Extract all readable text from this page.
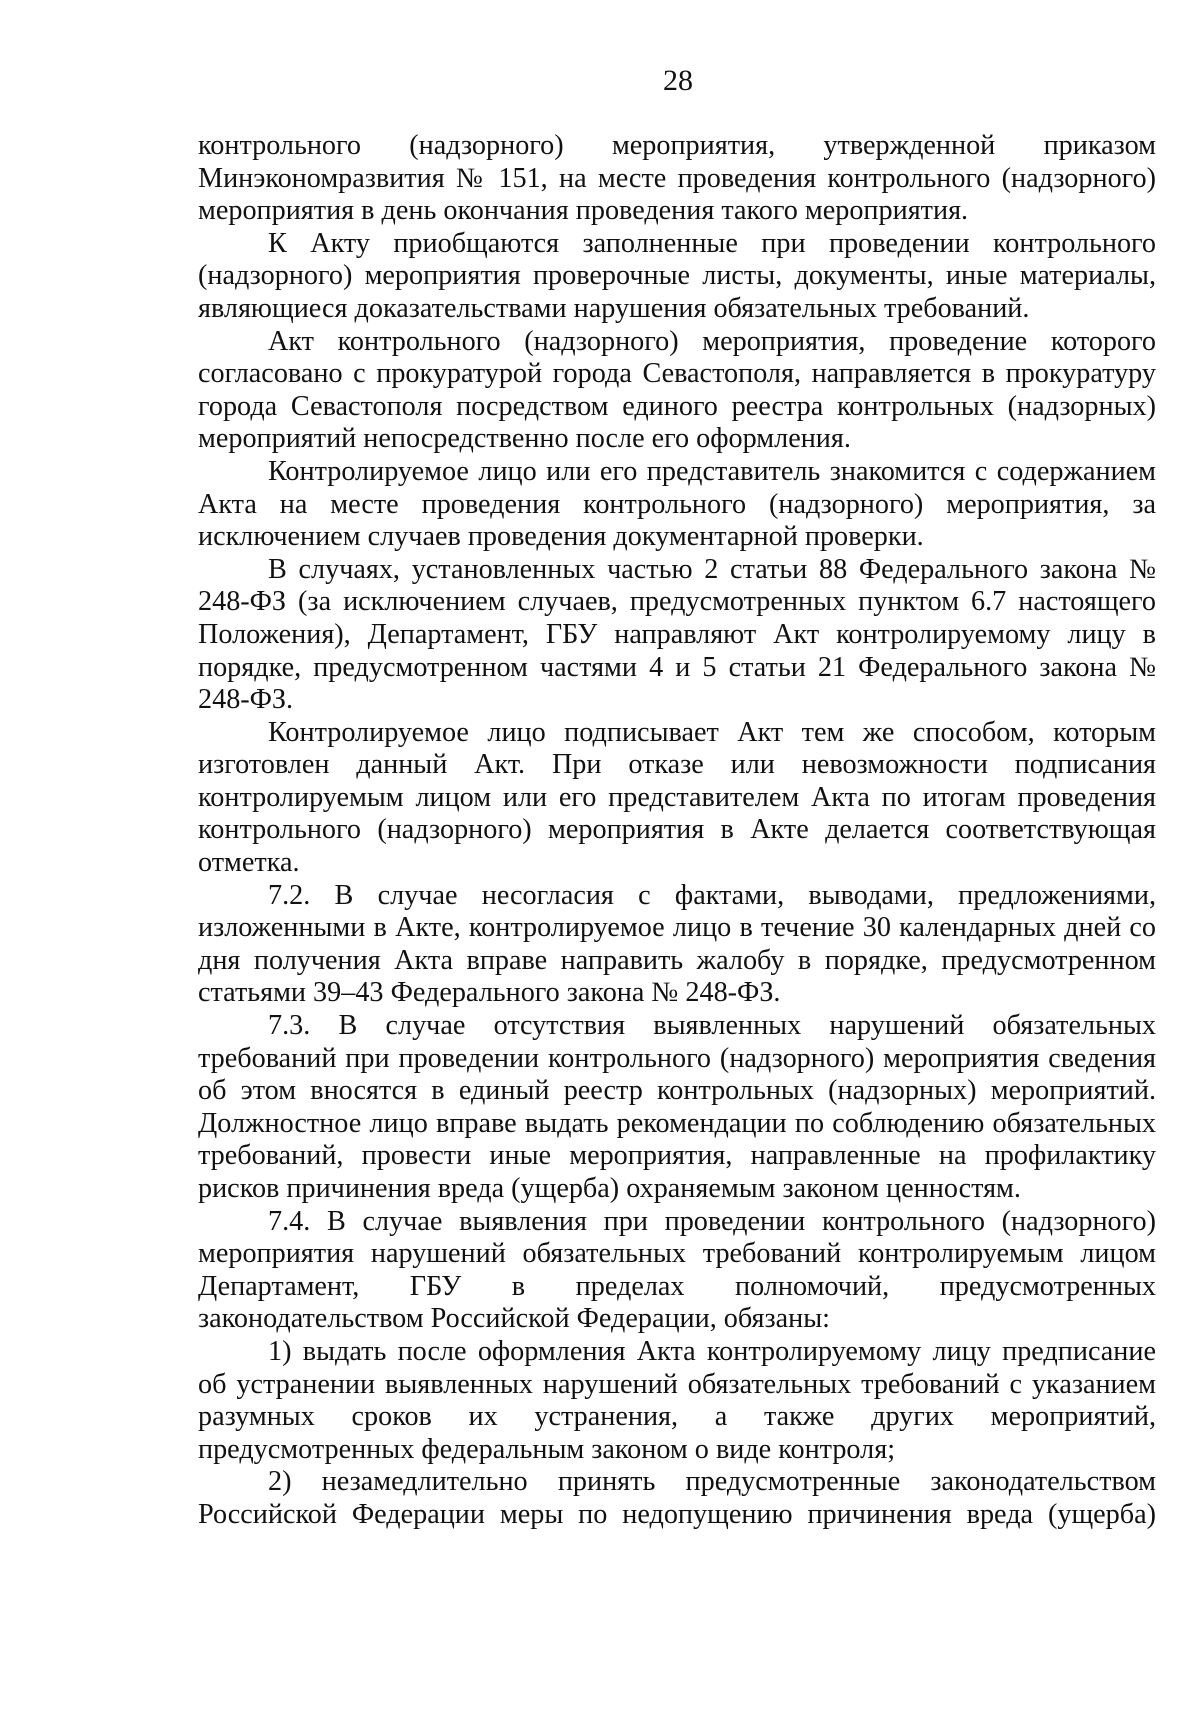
28

контрольного (надзорного) мероприятия, утвержденной приказом Минэкономразвития № 151, на месте проведения контрольного (надзорного) мероприятия в день окончания проведения такого мероприятия.

К Акту приобщаются заполненные при проведении контрольного (надзорного) мероприятия проверочные листы, документы, иные материалы, являющиеся доказательствами нарушения обязательных требований.

Акт контрольного (надзорного) мероприятия, проведение которого согласовано с прокуратурой города Севастополя, направляется в прокуратуру города Севастополя посредством единого реестра контрольных (надзорных) мероприятий непосредственно после его оформления.

Контролируемое лицо или его представитель знакомится с содержанием Акта на месте проведения контрольного (надзорного) мероприятия, за исключением случаев проведения документарной проверки.

В случаях, установленных частью 2 статьи 88 Федерального закона № 248-ФЗ (за исключением случаев, предусмотренных пунктом 6.7 настоящего Положения), Департамент, ГБУ направляют Акт контролируемому лицу в порядке, предусмотренном частями 4 и 5 статьи 21 Федерального закона № 248-ФЗ.

Контролируемое лицо подписывает Акт тем же способом, которым изготовлен данный Акт. При отказе или невозможности подписания контролируемым лицом или его представителем Акта по итогам проведения контрольного (надзорного) мероприятия в Акте делается соответствующая отметка.

7.2. В случае несогласия с фактами, выводами, предложениями, изложенными в Акте, контролируемое лицо в течение 30 календарных дней со дня получения Акта вправе направить жалобу в порядке, предусмотренном статьями 39–43 Федерального закона № 248-ФЗ.

7.3. В случае отсутствия выявленных нарушений обязательных требований при проведении контрольного (надзорного) мероприятия сведения об этом вносятся в единый реестр контрольных (надзорных) мероприятий. Должностное лицо вправе выдать рекомендации по соблюдению обязательных требований, провести иные мероприятия, направленные на профилактику рисков причинения вреда (ущерба) охраняемым законом ценностям.

7.4. В случае выявления при проведении контрольного (надзорного) мероприятия нарушений обязательных требований контролируемым лицом Департамент, ГБУ в пределах полномочий, предусмотренных законодательством Российской Федерации, обязаны:

1) выдать после оформления Акта контролируемому лицу предписание об устранении выявленных нарушений обязательных требований с указанием разумных сроков их устранения, а также других мероприятий, предусмотренных федеральным законом о виде контроля;

2) незамедлительно принять предусмотренные законодательством Российской Федерации меры по недопущению причинения вреда (ущерба)
